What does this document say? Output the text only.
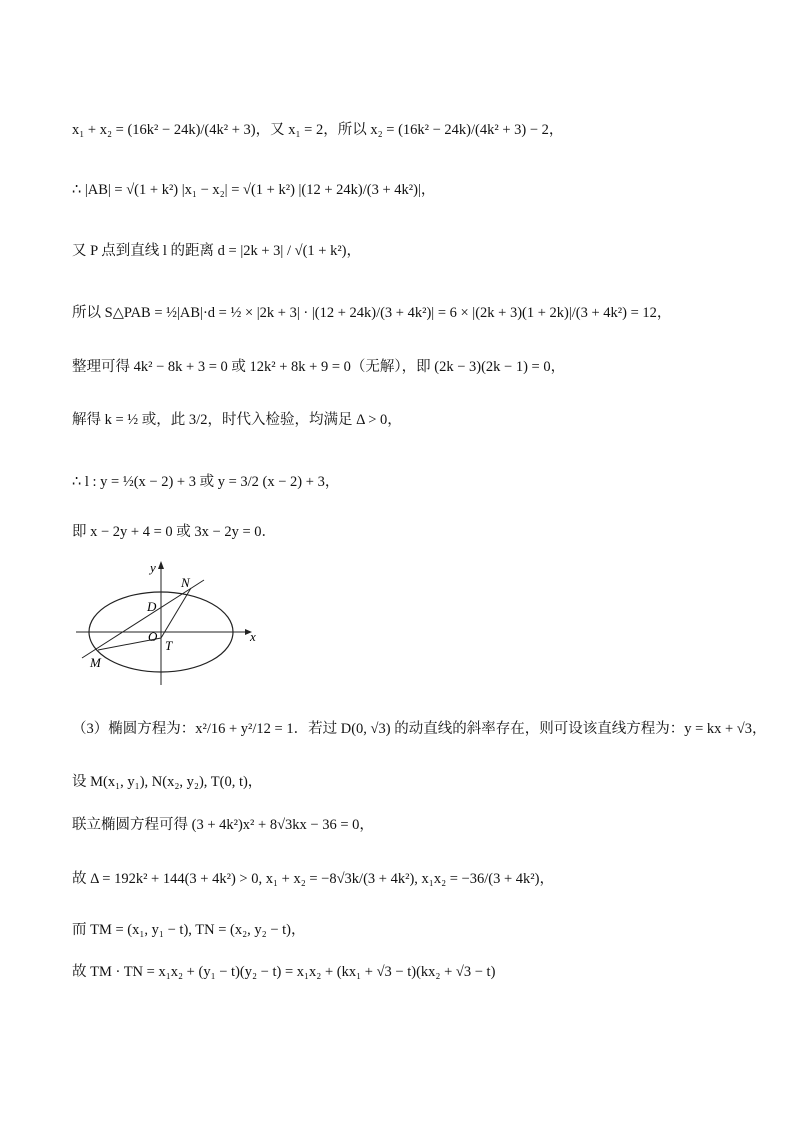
x₁ + x₂ = (16k² − 24k)/(4k² + 3)，又 x₁ = 2，所以 x₂ = (16k² − 24k)/(4k² + 3) − 2，
∴ |AB| = √(1 + k²) |x₁ − x₂| = √(1 + k²) |(12 + 24k)/(3 + 4k²)|，
又 P 点到直线 l 的距离 d = |2k + 3| / √(1 + k²)，
所以 S△PAB = ½|AB|·d = ½ × |2k + 3| · |(12 + 24k)/(3 + 4k²)| = 6 × |(2k + 3)(1 + 2k)|/(3 + 4k²) = 12，
整理可得 4k² − 8k + 3 = 0 或 12k² + 8k + 9 = 0（无解），即 (2k − 3)(2k − 1) = 0，
解得 k = ½ 或，此 3/2，时代入检验，均满足 Δ > 0，
∴ l : y = ½(x − 2) + 3 或 y = 3/2 (x − 2) + 3，
即 x − 2y + 4 = 0 或 3x − 2y = 0．
y
x
N
D
O
T
M
（3）椭圆方程为：x²/16 + y²/12 = 1．若过 D(0, √3) 的动直线的斜率存在，则可设该直线方程为：y = kx + √3，
设 M(x₁, y₁), N(x₂, y₂), T(0, t)，
联立椭圆方程可得 (3 + 4k²)x² + 8√3kx − 36 = 0，
故 Δ = 192k² + 144(3 + 4k²) > 0, x₁ + x₂ = −8√3k/(3 + 4k²), x₁x₂ = −36/(3 + 4k²)，
而 TM = (x₁, y₁ − t), TN = (x₂, y₂ − t)，
故 TM · TN = x₁x₂ + (y₁ − t)(y₂ − t) = x₁x₂ + (kx₁ + √3 − t)(kx₂ + √3 − t)
